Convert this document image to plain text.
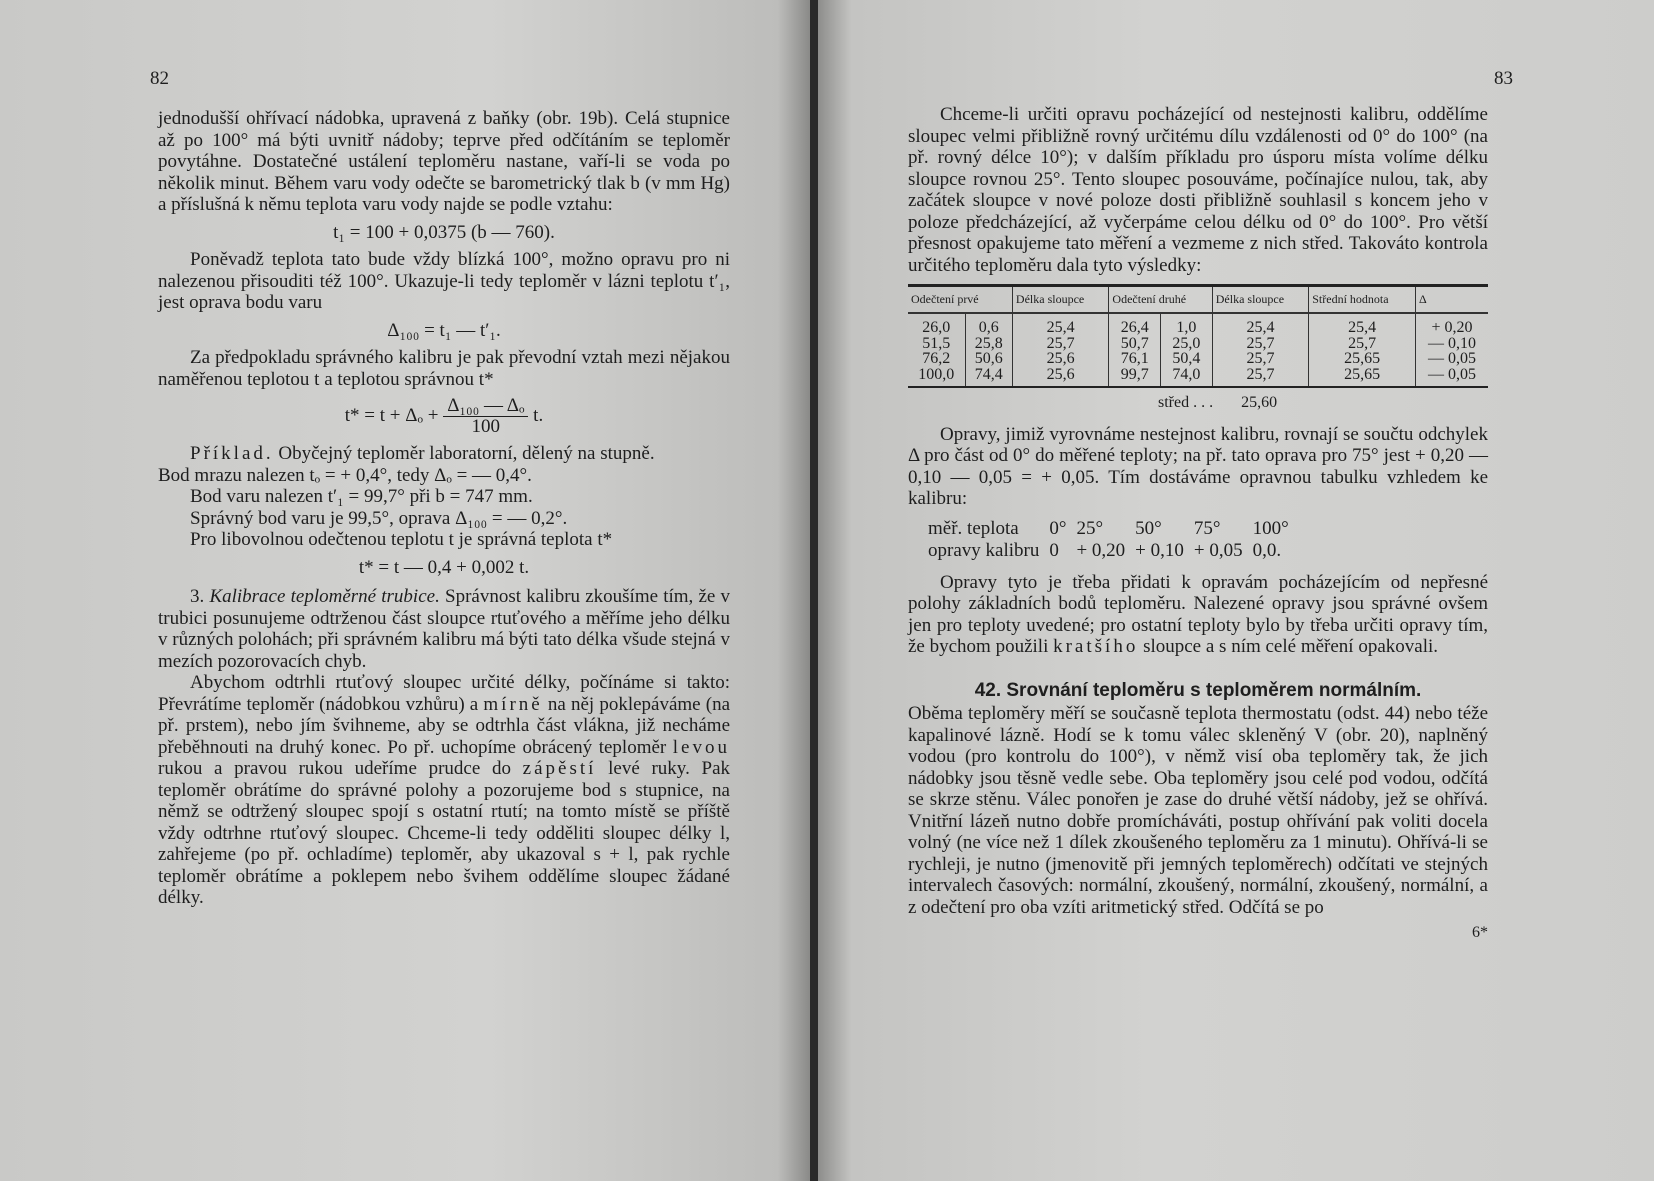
82

jednodušší ohřívací nádobka, upravená z baňky (obr. 19b). Celá stupnice až po 100° má býti uvnitř nádoby; teprve před odčítáním se teploměr povytáhne. Dostatečné ustálení teploměru nastane, vaří-li se voda po několik minut. Během varu vody odečte se barometrický tlak b (v mm Hg) a příslušná k němu teplota varu vody najde se podle vztahu:

t₁ = 100 + 0,0375 (b — 760).

Poněvadž teplota tato bude vždy blízká 100°, možno opravu pro ni nalezenou přisouditi též 100°. Ukazuje-li tedy teploměr v lázni teplotu t′₁, jest oprava bodu varu

Δ₁₀₀ = t₁ — t′₁.

Za předpokladu správného kalibru je pak převodní vztah mezi nějakou naměřenou teplotou t a teplotou správnou t*

$t* = t + \Delta_o + \frac{\text{Δ₁₀₀ — Δₒ}}{100} t$.

Příklad. Obyčejný teploměr laboratorní, dělený na stupně.

Bod mrazu nalezen tₒ = + 0,4°, tedy Δₒ = — 0,4°.

Bod varu nalezen t′₁ = 99,7° při b = 747 mm.

Správný bod varu je 99,5°, oprava Δ₁₀₀ = — 0,2°.

Pro libovolnou odečtenou teplotu t je správná teplota t*

t* = t — 0,4 + 0,002 t.

3. Kalibrace teploměrné trubice. Správnost kalibru zkoušíme tím, že v trubici posunujeme odtrženou část sloupce rtuťového a měříme jeho délku v různých polohách; při správném kalibru má býti tato délka všude stejná v mezích pozorovacích chyb.

Abychom odtrhli rtuťový sloupec určité délky, počínáme si takto: Převrátíme teploměr (nádobkou vzhůru) a mírně na něj poklepáváme (na př. prstem), nebo jím švihneme, aby se odtrhla část vlákna, již necháme přeběhnouti na druhý konec. Po př. uchopíme obrácený teploměr levou rukou a pravou rukou udeříme prudce do zápěstí levé ruky. Pak teploměr obrátíme do správné polohy a pozorujeme bod s stupnice, na němž se odtržený sloupec spojí s ostatní rtutí; na tomto místě se příště vždy odtrhne rtuťový sloupec. Chceme-li tedy odděliti sloupec délky l, zahřejeme (po př. ochladíme) teploměr, aby ukazoval s + l, pak rychle teploměr obrátíme a poklepem nebo švihem oddělíme sloupec žádané délky.

83

Chceme-li určiti opravu pocházející od nestejnosti kalibru, oddělíme sloupec velmi přibližně rovný určitému dílu vzdálenosti od 0° do 100° (na př. rovný délce 10°); v dalším příkladu pro úsporu místa volíme délku sloupce rovnou 25°. Tento sloupec posouváme, počínajíce nulou, tak, aby začátek sloupce v nové poloze dosti přibližně souhlasil s koncem jeho v poloze předcházející, až vyčerpáme celou délku od 0° do 100°. Pro větší přesnost opakujeme tato měření a vezmeme z nich střed. Takováto kontrola určitého teploměru dala tyto výsledky:

Odečtení prvé		Délka sloupce	Odečtení druhé		Délka sloupce	Střední hodnota	Δ
26,0	0,6	25,4	26,4	1,0	25,4	25,4	+ 0,20
51,5	25,8	25,7	50,7	25,0	25,7	25,7	— 0,10
76,2	50,6	25,6	76,1	50,4	25,7	25,65	— 0,05
100,0	74,4	25,6	99,7	74,0	25,7	25,65	— 0,05
střed . . . 25,60

Opravy, jimiž vyrovnáme nestejnost kalibru, rovnají se součtu odchylek Δ pro část od 0° do měřené teploty; na př. tato oprava pro 75° jest + 0,20 — 0,10 — 0,05 = + 0,05. Tím dostáváme opravnou tabulku vzhledem ke kalibru:

měř. teplota	0°	25°	50°	75°	100°
opravy kalibru	0	+ 0,20	+ 0,10	+ 0,05	0,0.

Opravy tyto je třeba přidati k opravám pocházejícím od nepřesné polohy základních bodů teploměru. Nalezené opravy jsou správné ovšem jen pro teploty uvedené; pro ostatní teploty bylo by třeba určiti opravy tím, že bychom použili kratšího sloupce a s ním celé měření opakovali.

42. Srovnání teploměru s teploměrem normálním.

Oběma teploměry měří se současně teplota thermostatu (odst. 44) nebo téže kapalinové lázně. Hodí se k tomu válec skleněný V (obr. 20), naplněný vodou (pro kontrolu do 100°), v němž visí oba teploměry tak, že jich nádobky jsou těsně vedle sebe. Oba teploměry jsou celé pod vodou, odčítá se skrze stěnu. Válec ponořen je zase do druhé větší nádoby, jež se ohřívá. Vnitřní lázeň nutno dobře promícháváti, postup ohřívání pak voliti docela volný (ne více než 1 dílek zkoušeného teploměru za 1 minutu). Ohřívá-li se rychleji, je nutno (jmenovitě při jemných teploměrech) odčítati ve stejných intervalech časových: normální, zkoušený, normální, zkoušený, normální, a z odečtení pro oba vzíti aritmetický střed. Odčítá se po

6*
